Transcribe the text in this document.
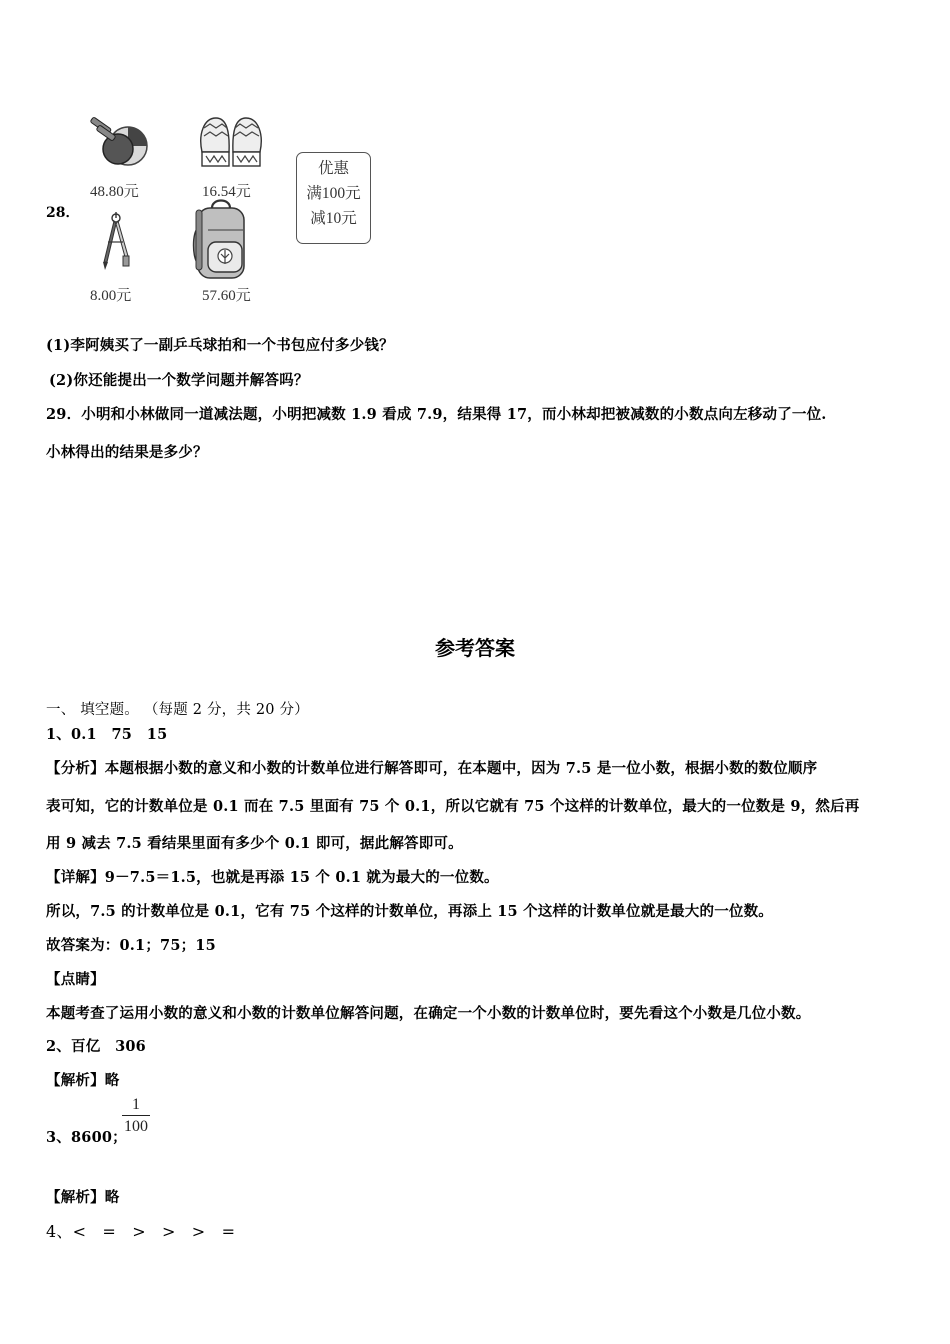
28．
48.80元	16.54元
8.00元	57.60元
优惠
满100元
减10元
(1)李阿姨买了一副乒乓球拍和一个书包应付多少钱？
(2)你还能提出一个数学问题并解答吗？
29．小明和小林做同一道减法题，小明把减数 1.9 看成 7.9，结果得 17，而小林却把被减数的小数点向左移动了一位.
小林得出的结果是多少？
参考答案
一、 填空题。 （每题 2 分，共 20 分）
1、0.1　75　15
【分析】本题根据小数的意义和小数的计数单位进行解答即可，在本题中，因为 7.5 是一位小数，根据小数的数位顺序
表可知，它的计数单位是 0.1 而在 7.5 里面有 75 个 0.1，所以它就有 75 个这样的计数单位，最大的一位数是 9，然后再
用 9 减去 7.5 看结果里面有多少个 0.1 即可，据此解答即可。
【详解】9－7.5＝1.5，也就是再添 15 个 0.1 就为最大的一位数。
所以，7.5 的计数单位是 0.1，它有 75 个这样的计数单位，再添上 15 个这样的计数单位就是最大的一位数。
故答案为：0.1；75；15
【点睛】
本题考查了运用小数的意义和小数的计数单位解答问题，在确定一个小数的计数单位时，要先看这个小数是几位小数。
2、百亿　306
【解析】略
3、8600；
1
100
【解析】略
4、<　=　>　>　>　=
